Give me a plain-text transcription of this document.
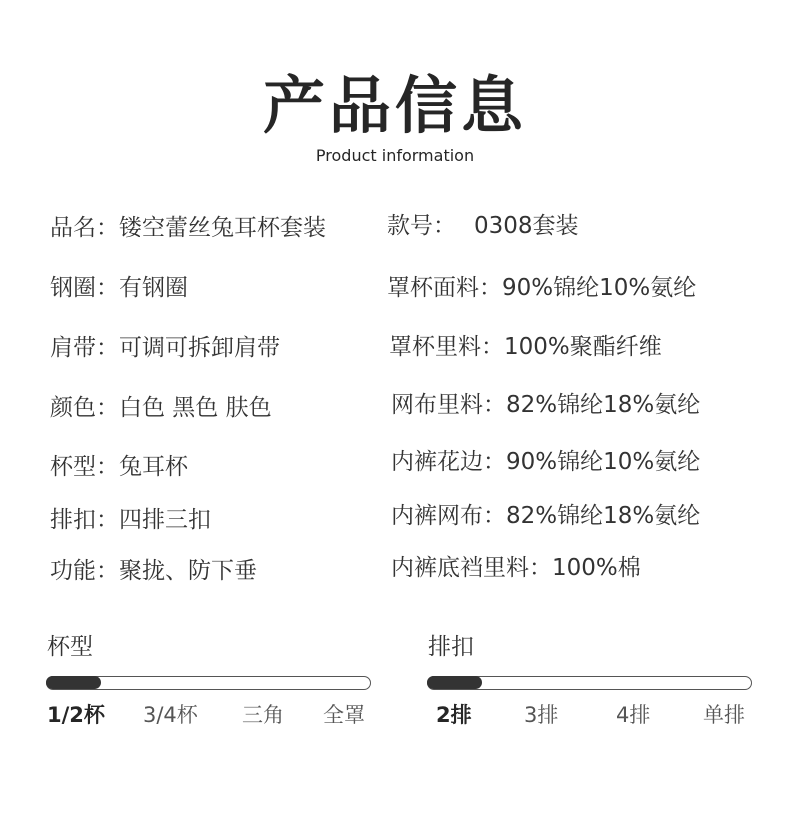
产品信息
Product information
品名：镂空蕾丝兔耳杯套装
钢圈：有钢圈
肩带：可调可拆卸肩带
颜色：白色 黑色 肤色
杯型：兔耳杯
排扣：四排三扣
功能：聚拢、防下垂
款号： 0308套装
罩杯面料：90%锦纶10%氨纶
罩杯里料：100%聚酯纤维
网布里料：82%锦纶18%氨纶
内裤花边：90%锦纶10%氨纶
内裤网布：82%锦纶18%氨纶
内裤底裆里料：100%棉
杯型
1/2杯 3/4杯 三角 全罩
排扣
2排 3排	4排	单排
